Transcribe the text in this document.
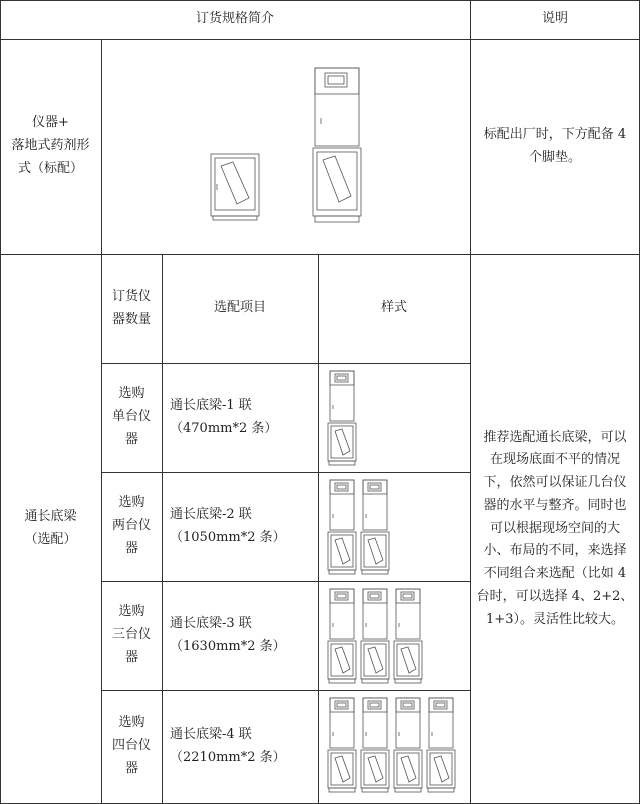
订货规格简介	说明
仪器+
落地式药剂形
式（标配）
标配出厂时，下方配备 4
个脚垫。
通长底梁
（选配）
订货仪
器数量
选配项目	样式
选购
单台仪
器
通长底梁-1 联
（470mm*2 条）
选购
两台仪
器
通长底梁-2 联
（1050mm*2 条）
选购
三台仪
器
通长底梁-3 联
（1630mm*2 条）
选购
四台仪
器
通长底梁-4 联
（2210mm*2 条）
推荐选配通长底梁，可以
在现场底面不平的情况
下，依然可以保证几台仪
器的水平与整齐。同时也
可以根据现场空间的大
小、布局的不同，来选择
不同组合来选配（比如 4
台时，可以选择 4、2+2、
1+3）。灵活性比较大。
